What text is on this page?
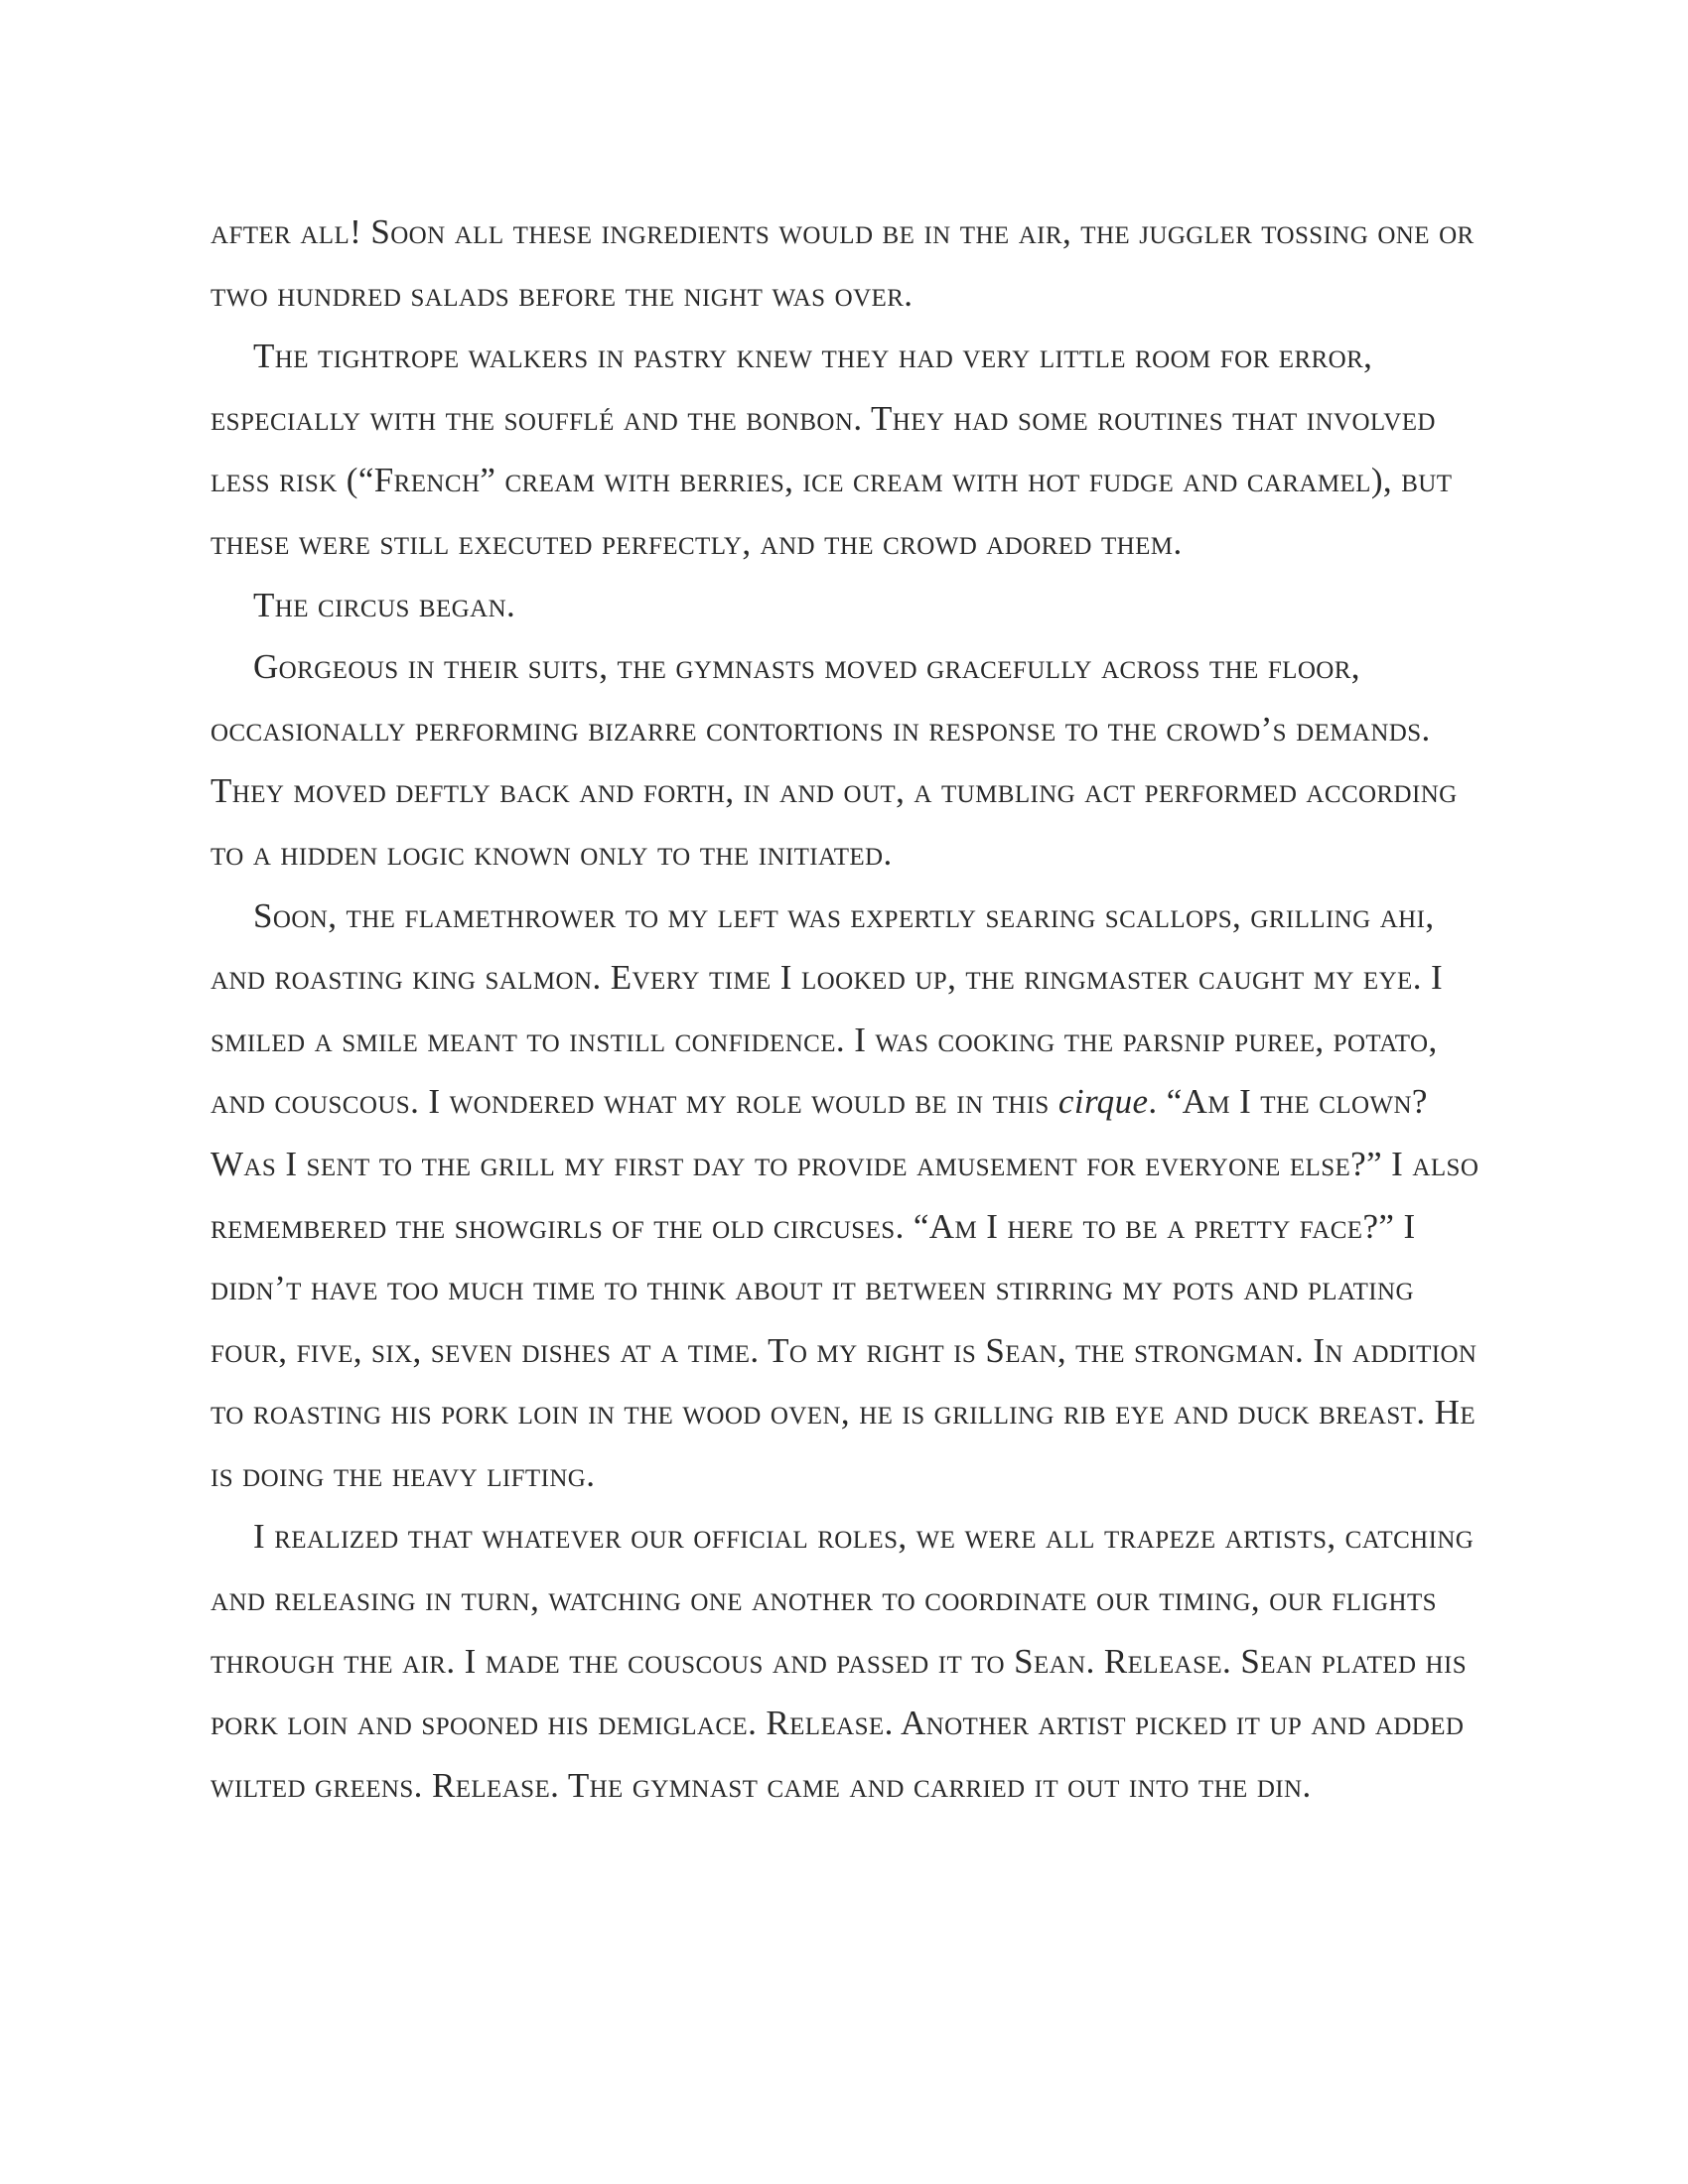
after all! Soon all these ingredients would be in the air, the juggler tossing one or two hundred salads before the night was over.

The tightrope walkers in pastry knew they had very little room for error, especially with the soufflé and the bonbon. They had some routines that involved less risk (“French” cream with berries, ice cream with hot fudge and caramel), but these were still executed perfectly, and the crowd adored them.

The circus began.

Gorgeous in their suits, the gymnasts moved gracefully across the floor, occasionally performing bizarre contortions in response to the crowd’s demands. They moved deftly back and forth, in and out, a tumbling act performed according to a hidden logic known only to the initiated.

Soon, the flamethrower to my left was expertly searing scallops, grilling ahi, and roasting king salmon. Every time I looked up, the ringmaster caught my eye. I smiled a smile meant to instill confidence. I was cooking the parsnip puree, potato, and couscous. I wondered what my role would be in this cirque. “Am I the clown? Was I sent to the grill my first day to provide amusement for everyone else?” I also remembered the showgirls of the old circuses. “Am I here to be a pretty face?” I didn’t have too much time to think about it between stirring my pots and plating four, five, six, seven dishes at a time. To my right is Sean, the strongman. In addition to roasting his pork loin in the wood oven, he is grilling rib eye and duck breast. He is doing the heavy lifting.

I realized that whatever our official roles, we were all trapeze artists, catching and releasing in turn, watching one another to coordinate our timing, our flights through the air. I made the couscous and passed it to Sean. Release. Sean plated his pork loin and spooned his demiglace. Release. Another artist picked it up and added wilted greens. Release. The gymnast came and carried it out into the din.
